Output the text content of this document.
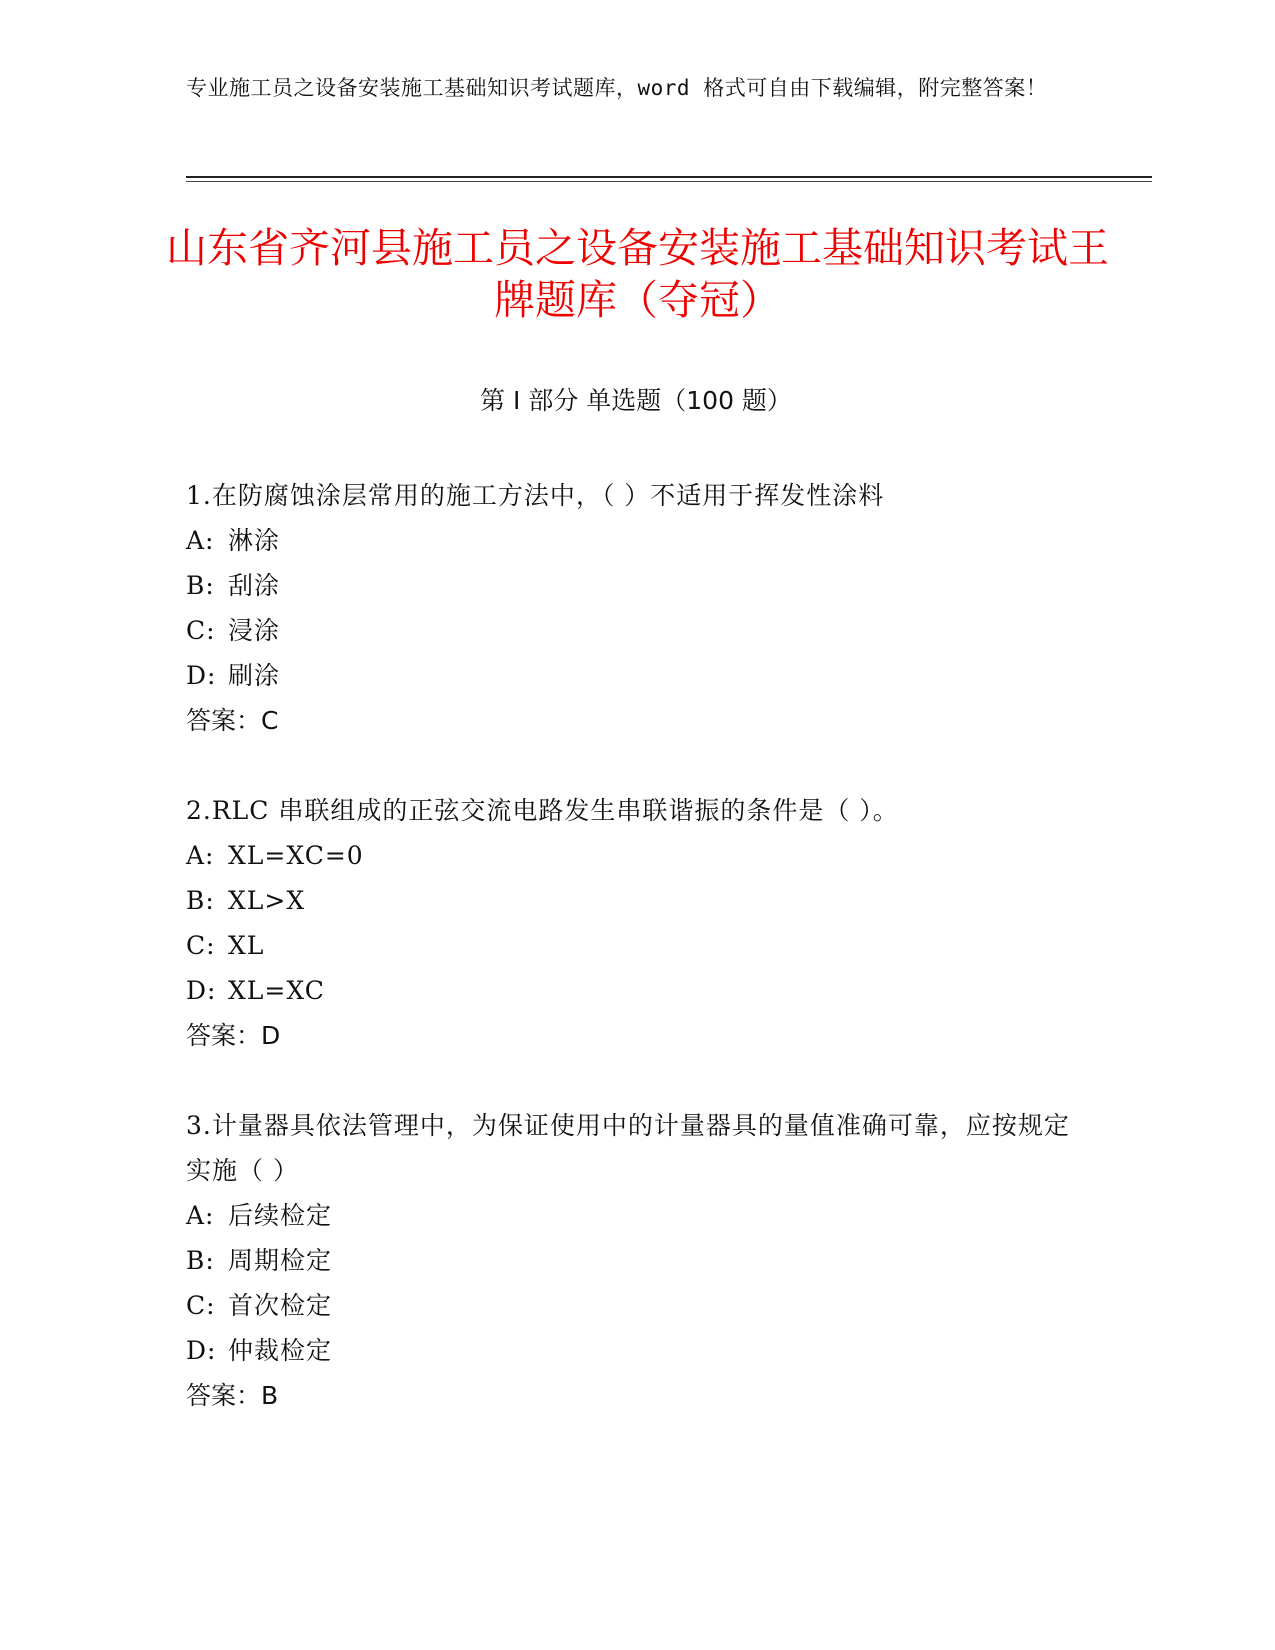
专业施工员之设备安装施工基础知识考试题库，word 格式可自由下载编辑，附完整答案！
山东省齐河县施工员之设备安装施工基础知识考试王牌题库（夺冠）
第 I 部分 单选题（100 题）
1.在防腐蚀涂层常用的施工方法中，（ ）不适用于挥发性涂料
A: 淋涂
B: 刮涂
C: 浸涂
D: 刷涂
答案：C
2.RLC 串联组成的正弦交流电路发生串联谐振的条件是（ ）。
A: XL=XC=0
B: XL>X
C: XL
D: XL=XC
答案：D
3.计量器具依法管理中，为保证使用中的计量器具的量值准确可靠，应按规定实施（ ）
A: 后续检定
B: 周期检定
C: 首次检定
D: 仲裁检定
答案：B
